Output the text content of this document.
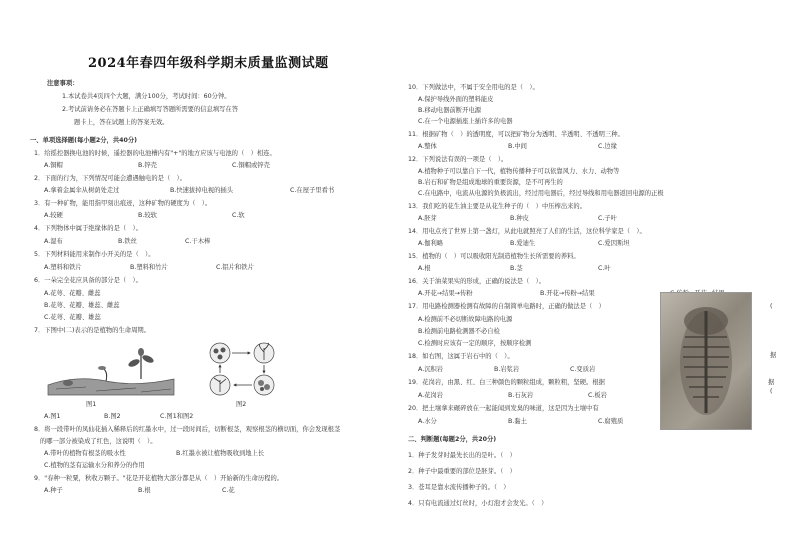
2024年春四年级科学期末质量监测试题
注意事项：
1.本试卷共4页四个大题，满分100分，考试时间：60分钟。
2.考试前请务必在答题卡上正确填写答题所需要的信息填写在答
题卡上，答在试题上的答案无效。
一、单项选择题(每小题2分，共40分)
1．给摇控器换电池的时候，遥控器的电池槽内有"+"的地方应该与电池的（　）相连。
A.铜帽	B.锌壳	C.铜帽或锌壳
2．下面的行为，下列情况可能会遭遇触电的是（　）。
A.拿着金属伞从树荫处走过	B.快速拔掉电视的插头	C.在屋子里看书
3．有一种矿物，能用指甲刻出痕迹，这种矿物的硬度为（　）。
A.较硬	B.较软	C.软
4．下列物体中属于绝缘体的是（　）。
A.湿布	B.铁丝	C.干木棒
5．下列材料能用来制作小开关的是（　）。
A.塑料和铁片	B.塑料和竹片	C.铝片和铁片
6．一朵完全花应具备的部分是（　）。
A.花萼、花瓣、雌蕊
B.花萼、花瓣、雄蕊、雌蕊
C.花萼、花瓣、雄蕊
7．下图中(二)表示的是植物的生命周期。
图1	图2
A.图1	B.图2	C.图1和图2
8．将一段带叶的凤仙花插入稀释后的红墨水中，过一段时间后，切断根茎，观察根茎的横切面，你会发现根茎
的哪一部分被染成了红色，这说明（　）。
A.带叶的植物有根茎的吸水性	B.红墨水被让植物吸收到地上长
C.植物的茎有运输水分和养分的作用
9．"春种一粒粟，秋收万颗子。"花是开花植物大部分都是从（　）开始新的生命历程的。
A.种子	B.根	C.花
10．下列做法中，不属于安全用电的是（　）。
A.保护导线外面的塑料能皮
B.移动电器前断开电源
C.在一个电源插座上插许多的电器
11．根据矿物（　）的透明度，可以把矿物分为透明、半透明、不透明三种。
A.整体	B.中间	C.边缘
12．下列说法有误的一项是（　）。
A.植物种子可以靠自下一代，植物传播种子可以依靠风力、水力、动物等
B.岩石和矿物是组成地球的重要资源，是不可再生的
C.在电路中，电流从电源的负极流出，经过用电器后，经过导线和用电器返回电源的正极
13．我们吃的花生油主要是从花生种子的（　）中压榨出来的。
A.胚芽	B.种皮	C.子叶
14．用电点亮了世界上第一盏灯，从此电就照亮了人们的生活，这位科学家是（　）。
A.伽利略	B.爱迪生	C.爱因斯坦
15．植物的（　）可以吸收阳光制造植物生长所需要的养料。
A.根	B.茎	C.叶
16．关于油菜果实的形成，正确的说法是（　）。
A.开花→结果→传粉	B.开花→传粉→结果
17．用电路检测器检测有故障的自制简单电路时，正确的做法是（　）
A.检测前不必切断故障电路的电源
B.检测前电路检测器不必自检
C.检测时应该有一定的顺序，按顺序检测
18．如右图，这属于岩石中的（　）。
A.沉积岩	B.岩浆岩	C.变质岩
19．花岗岩，由黑、红、白三种颜色的颗粒组成，颗粒粗，坚硬。根据	据
A.花岗岩	B.石灰岩	C.板岩
20．把土壤拿来碾碎放在一起能闻到发臭的味道，这是因为土壤中有
A.水分	B.黏土	C.腐殖质
(
据
(
二、判断题(每题2分，共20分)
1．种子发芽时最先长出的是叶。（　）
2．种子中最重要的部位是胚芽。（　）
3．苍耳是靠水流传播种子的。（　）
4．只有电流通过灯丝时，小灯泡才会发光。（　）
